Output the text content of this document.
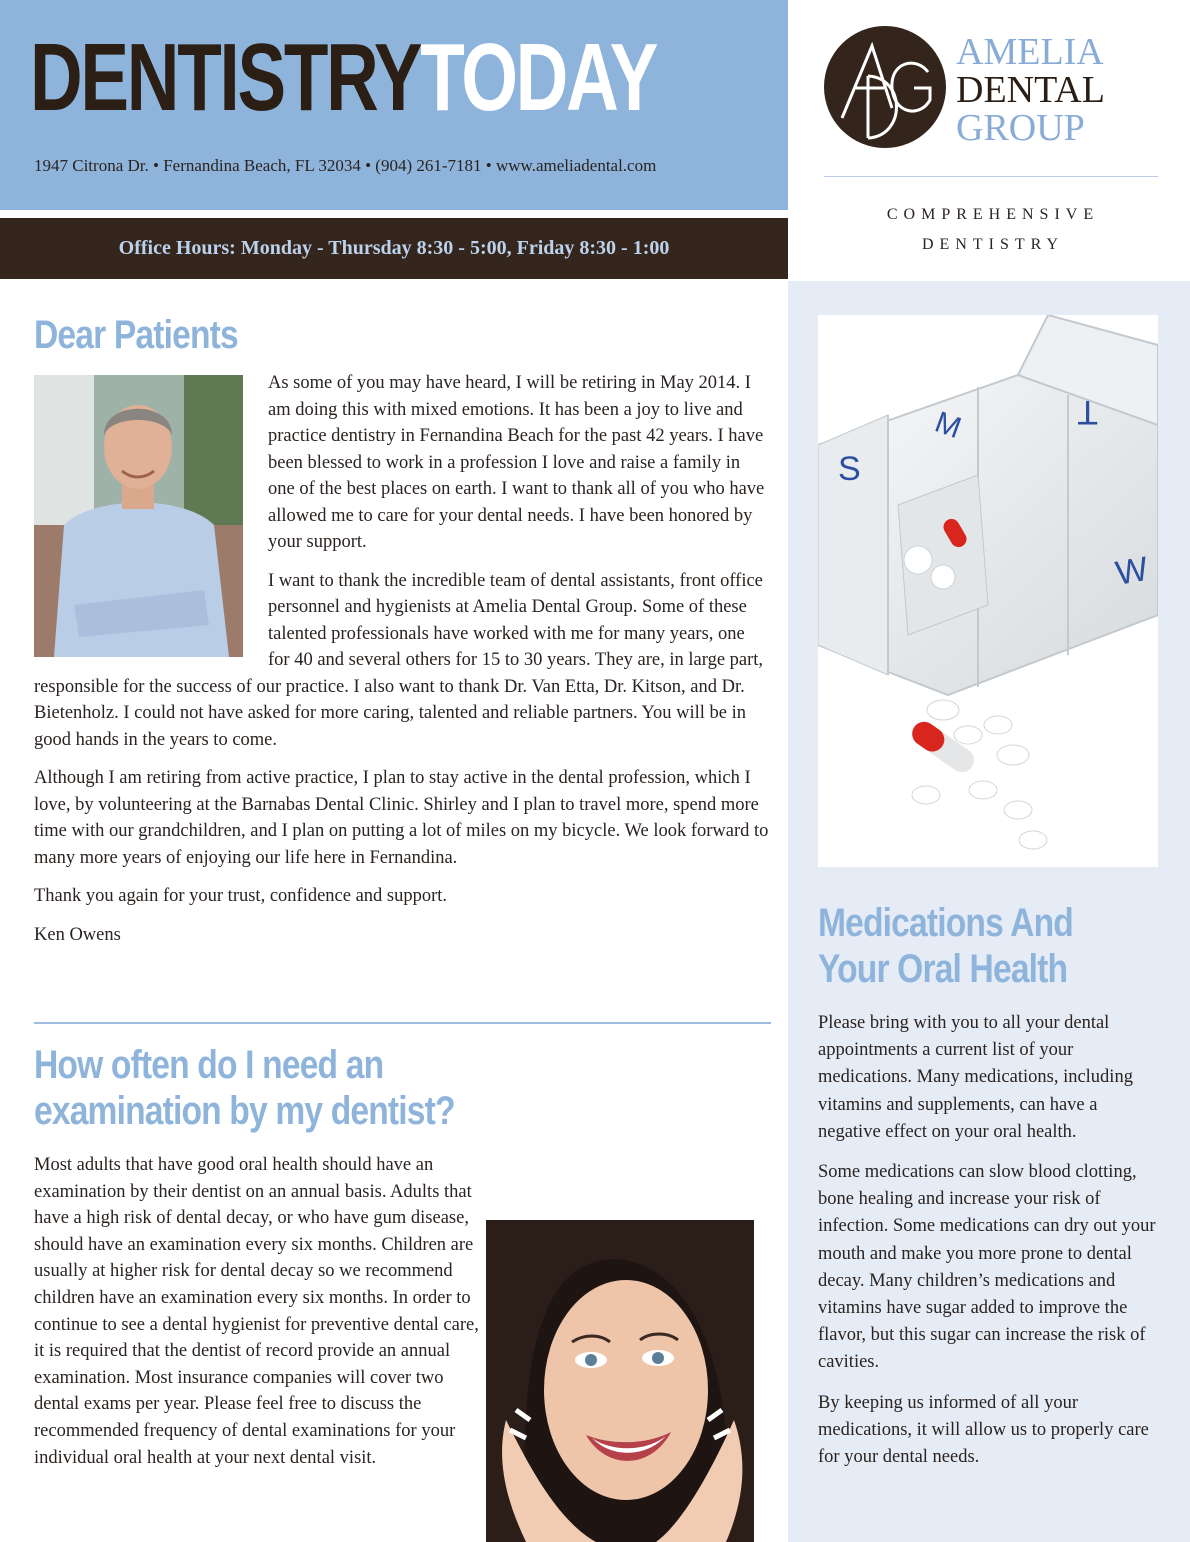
DENTISTRYTODAY
1947 Citrona Dr. • Fernandina Beach, FL 32034 • (904) 261-7181 • www.ameliadental.com
Office Hours: Monday - Thursday 8:30 - 5:00, Friday 8:30 - 1:00
AMELIA
DENTAL
GROUP
COMPREHENSIVE
DENTISTRY
S
M	T
W
Medications And
Your Oral Health

Please bring with you to all your dental appointments a current list of your medications. Many medications, including vitamins and supplements, can have a negative effect on your oral health.

Some medications can slow blood clotting, bone healing and increase your risk of infection. Some medications can dry out your mouth and make you more prone to dental decay. Many children’s medications and vitamins have sugar added to improve the flavor, but this sugar can increase the risk of cavities.

By keeping us informed of all your medications, it will allow us to properly care for your dental needs.

Dear Patients

As some of you may have heard, I will be retiring in May 2014. I am doing this with mixed emotions. It has been a joy to live and practice dentistry in Fernandina Beach for the past 42 years. I have been blessed to work in a profession I love and raise a family in one of the best places on earth. I want to thank all of you who have allowed me to care for your dental needs. I have been honored by your support.

I want to thank the incredible team of dental assistants, front office personnel and hygienists at Amelia Dental Group. Some of these talented professionals have worked with me for many years, one for 40 and several others for 15 to 30 years. They are, in large part, responsible for the success of our practice. I also want to thank Dr. Van Etta, Dr. Kitson, and Dr. Bietenholz. I could not have asked for more caring, talented and reliable partners. You will be in good hands in the years to come.

Although I am retiring from active practice, I plan to stay active in the dental profession, which I love, by volunteering at the Barnabas Dental Clinic. Shirley and I plan to travel more, spend more time with our grandchildren, and I plan on putting a lot of miles on my bicycle. We look forward to many more years of enjoying our life here in Fernandina.

Thank you again for your trust, confidence and support.

Ken Owens

How often do I need an
examination by my dentist?

Most adults that have good oral health should have an examination by their dentist on an annual basis. Adults that have a high risk of dental decay, or who have gum disease, should have an examination every six months. Children are usually at higher risk for dental decay so we recommend children have an examination every six months. In order to continue to see a dental hygienist for preventive dental care, it is required that the dentist of record provide an annual examination. Most insurance companies will cover two dental exams per year. Please feel free to discuss the recommended frequency of dental examinations for your individual oral health at your next dental visit.
